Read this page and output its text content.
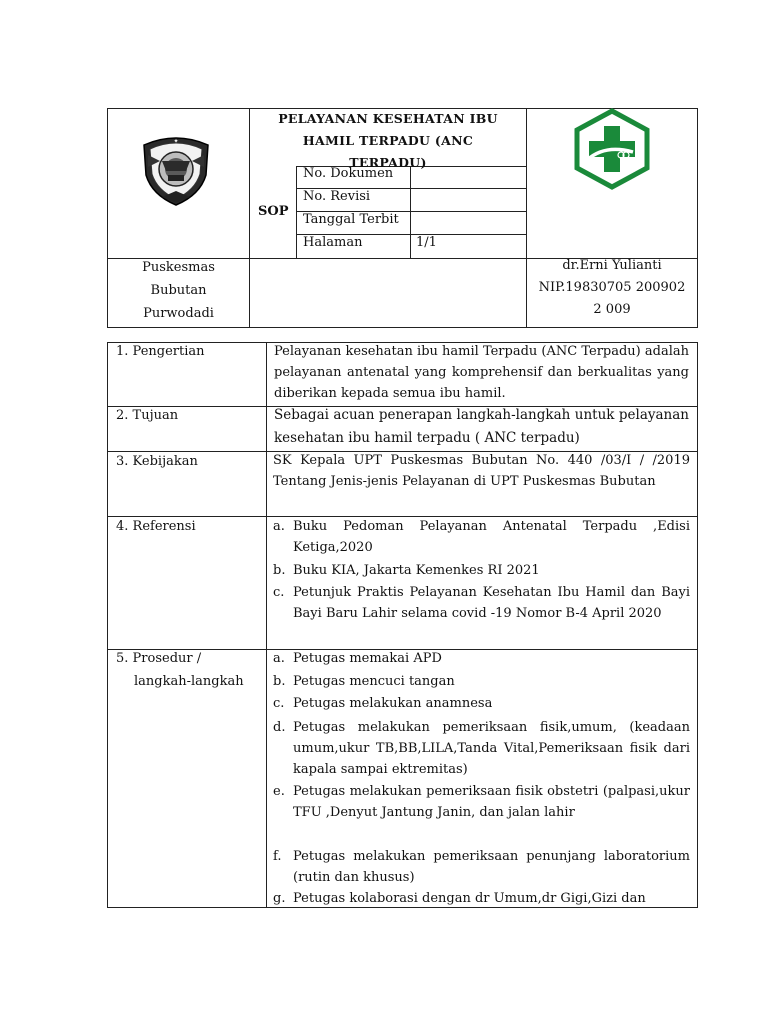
✦
PELAYANAN KESEHATAN IBU
HAMIL TERPADU (ANC
TERPADU)
SOP
No. Dokumen
No. Revisi
Tanggal Terbit
Halaman	1/1
Puskesmas
Bubutan
Purwodadi
dr.Erni Yulianti
NIP.19830705 200902
2 009
1. Pengertian
2. Tujuan
3. Kebijakan
4. Referensi
5. Prosedur /
langkah-langkah
Pelayanan kesehatan ibu hamil Terpadu (ANC Terpadu) adalah pelayanan antenatal yang komprehensif dan berkualitas yang diberikan kepada semua ibu hamil.
Sebagai acuan penerapan langkah-langkah untuk pelayanan kesehatan ibu hamil terpadu ( ANC terpadu)
SK Kepala UPT Puskesmas Bubutan No. 440 /03/I / /2019 Tentang Jenis-jenis Pelayanan di UPT Puskesmas Bubutan
a. Buku Pedoman Pelayanan Antenatal Terpadu ,Edisi Ketiga,2020
b. Buku KIA, Jakarta Kemenkes RI 2021
c. Petunjuk Praktis Pelayanan Kesehatan Ibu Hamil dan Bayi Bayi Baru Lahir selama covid -19 Nomor B-4 April 2020
a. Petugas memakai APD
b. Petugas mencuci tangan
c. Petugas melakukan anamnesa
d. Petugas melakukan pemeriksaan fisik,umum, (keadaan umum,ukur TB,BB,LILA,Tanda Vital,Pemeriksaan fisik dari kapala sampai ektremitas)
e. Petugas melakukan pemeriksaan fisik obstetri (palpasi,ukur TFU ,Denyut Jantung Janin, dan jalan lahir
f. Petugas melakukan pemeriksaan penunjang laboratorium (rutin dan khusus)
g. Petugas kolaborasi dengan dr Umum,dr Gigi,Gizi dan
